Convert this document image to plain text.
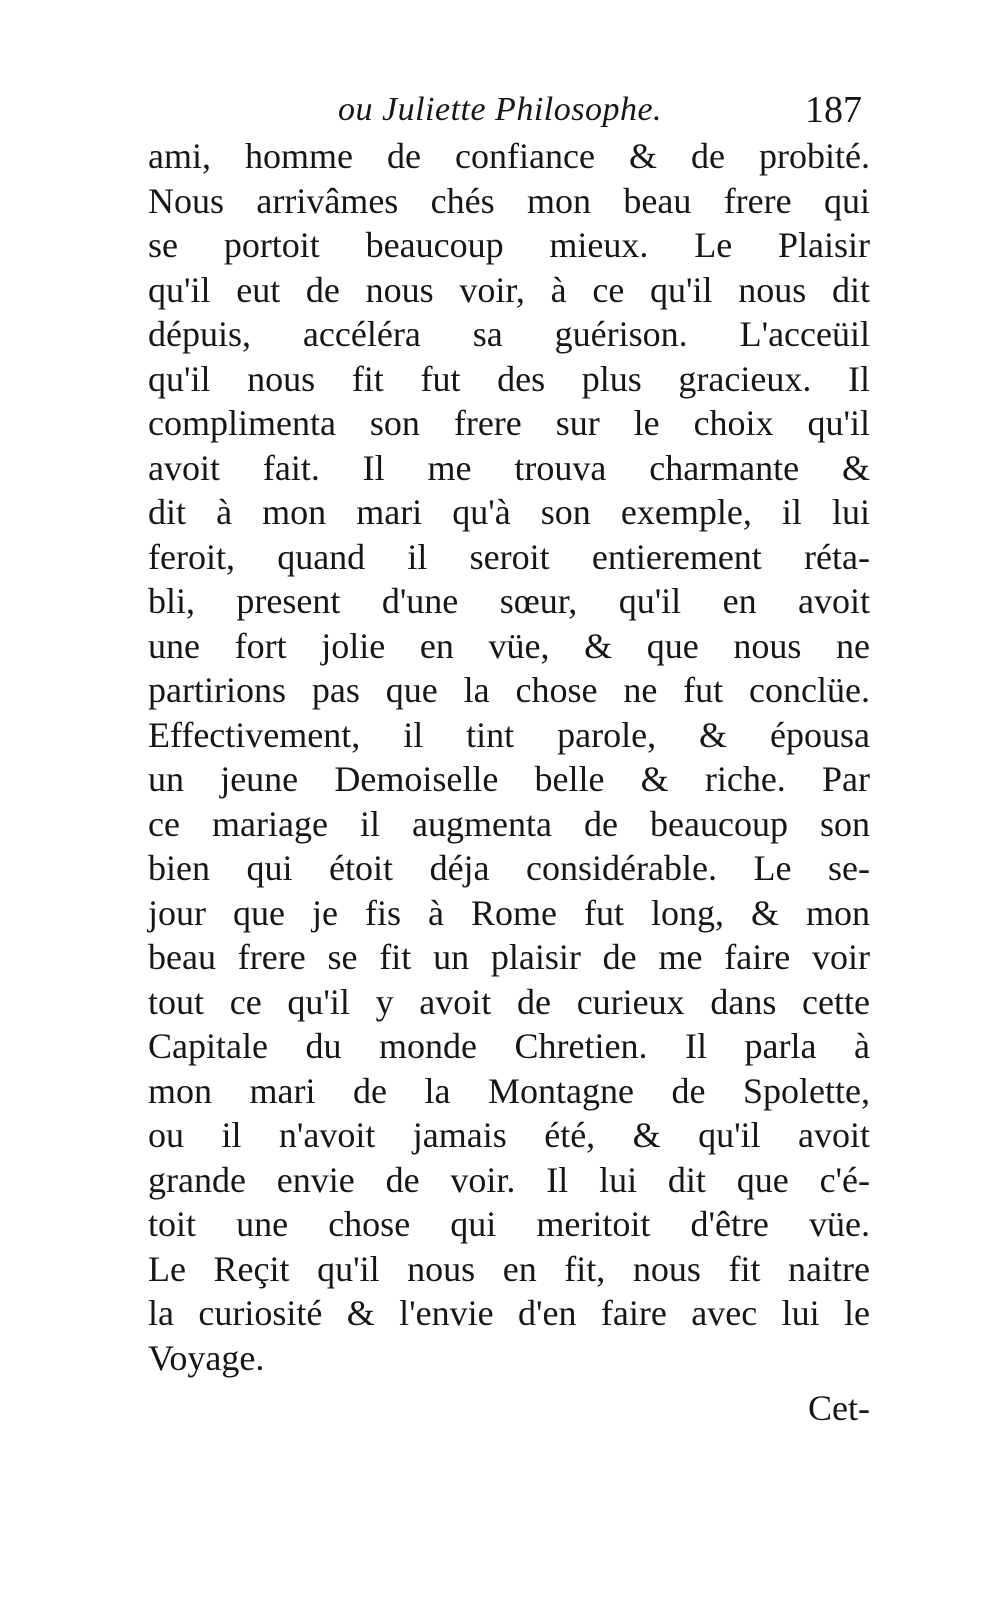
ou Juliette Philosophe.	187
ami, homme de confiance & de probité.
Nous arrivâmes chés mon beau frere qui
se portoit beaucoup mieux. Le Plaisir
qu'il eut de nous voir, à ce qu'il nous dit
dépuis, accéléra sa guérison. L'acceüil
qu'il nous fit fut des plus gracieux. Il
complimenta son frere sur le choix qu'il
avoit fait. Il me trouva charmante &
dit à mon mari qu'à son exemple, il lui
feroit, quand il seroit entierement réta-
bli, present d'une sœur, qu'il en avoit
une fort jolie en vüe, & que nous ne
partirions pas que la chose ne fut conclüe.
Effectivement, il tint parole, & épousa
un jeune Demoiselle belle & riche. Par
ce mariage il augmenta de beaucoup son
bien qui étoit déja considérable. Le se-
jour que je fis à Rome fut long, & mon
beau frere se fit un plaisir de me faire voir
tout ce qu'il y avoit de curieux dans cette
Capitale du monde Chretien. Il parla à
mon mari de la Montagne de Spolette,
ou il n'avoit jamais été, & qu'il avoit
grande envie de voir. Il lui dit que c'é-
toit une chose qui meritoit d'être vüe.
Le Reçit qu'il nous en fit, nous fit naitre
la curiosité & l'envie d'en faire avec lui le
Voyage.
Cet-
